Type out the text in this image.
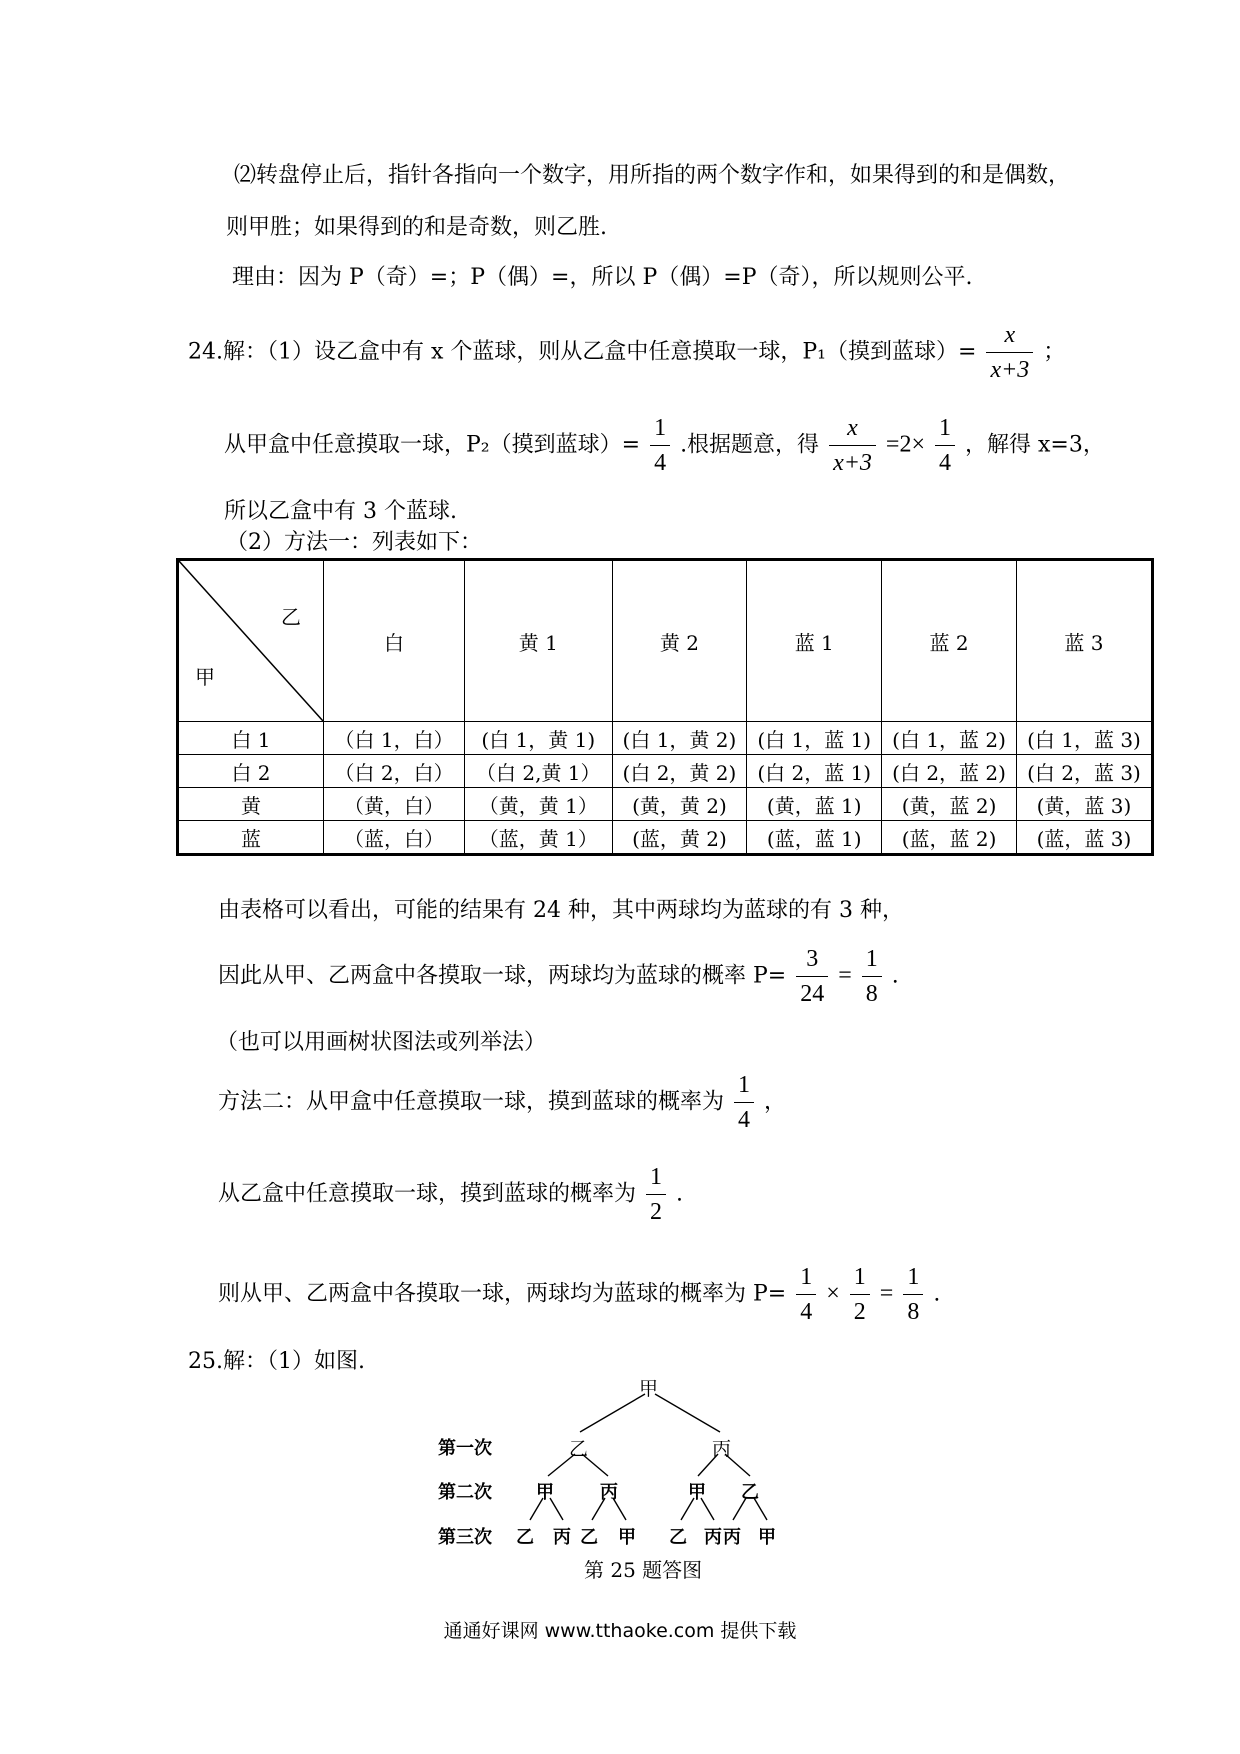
⑵转盘停止后，指针各指向一个数字，用所指的两个数字作和，如果得到的和是偶数，
则甲胜；如果得到的和是奇数，则乙胜.
理由：因为 P（奇）=；P（偶）=，所以 P（偶）=P（奇），所以规则公平.
24.解：（1）设乙盒中有 x 个蓝球，则从乙盒中任意摸取一球，P₁（摸到蓝球）= $\frac{x}{x+3}$ ；
从甲盒中任意摸取一球，P₂（摸到蓝球）= $\frac{1}{4}$ .根据题意，得 $\frac{x}{x+3} =2\times \frac{1}{4}$ ，解得 x=3，
所以乙盒中有 3 个蓝球.
（2）方法一：列表如下：
乙
甲	白	黄 1	黄 2	蓝 1	蓝 2	蓝 3
白 1	（白 1，白）	(白 1，黄 1)	(白 1，黄 2)	(白 1，蓝 1)	(白 1，蓝 2)	(白 1，蓝 3)
白 2	（白 2，白）	（白 2,黄 1）	(白 2，黄 2)	(白 2，蓝 1)	(白 2，蓝 2)	(白 2，蓝 3)
黄	（黄，白）	（黄，黄 1）	(黄，黄 2)	(黄，蓝 1)	(黄，蓝 2)	(黄，蓝 3)
蓝	（蓝，白）	（蓝，黄 1）	(蓝，黄 2)	(蓝，蓝 1)	(蓝，蓝 2)	(蓝，蓝 3)
由表格可以看出，可能的结果有 24 种，其中两球均为蓝球的有 3 种，
因此从甲、乙两盒中各摸取一球，两球均为蓝球的概率 $P= \frac{3}{24} = \frac{1}{8}$ .
（也可以用画树状图法或列举法）
方法二：从甲盒中任意摸取一球，摸到蓝球的概率为 $\frac{1}{4}$ ，
从乙盒中任意摸取一球，摸到蓝球的概率为 $\frac{1}{2}$ .
则从甲、乙两盒中各摸取一球，两球均为蓝球的概率为 $P= \frac{1}{4} \times \frac{1}{2} = \frac{1}{8}$ .
25.解：（1）如图.
甲
第一次
第二次
第三次
乙	丙
甲	丙	甲 乙
乙 丙 乙 甲 乙 丙 丙 甲
第 25 题答图
通通好课网 www.tthaoke.com 提供下载
